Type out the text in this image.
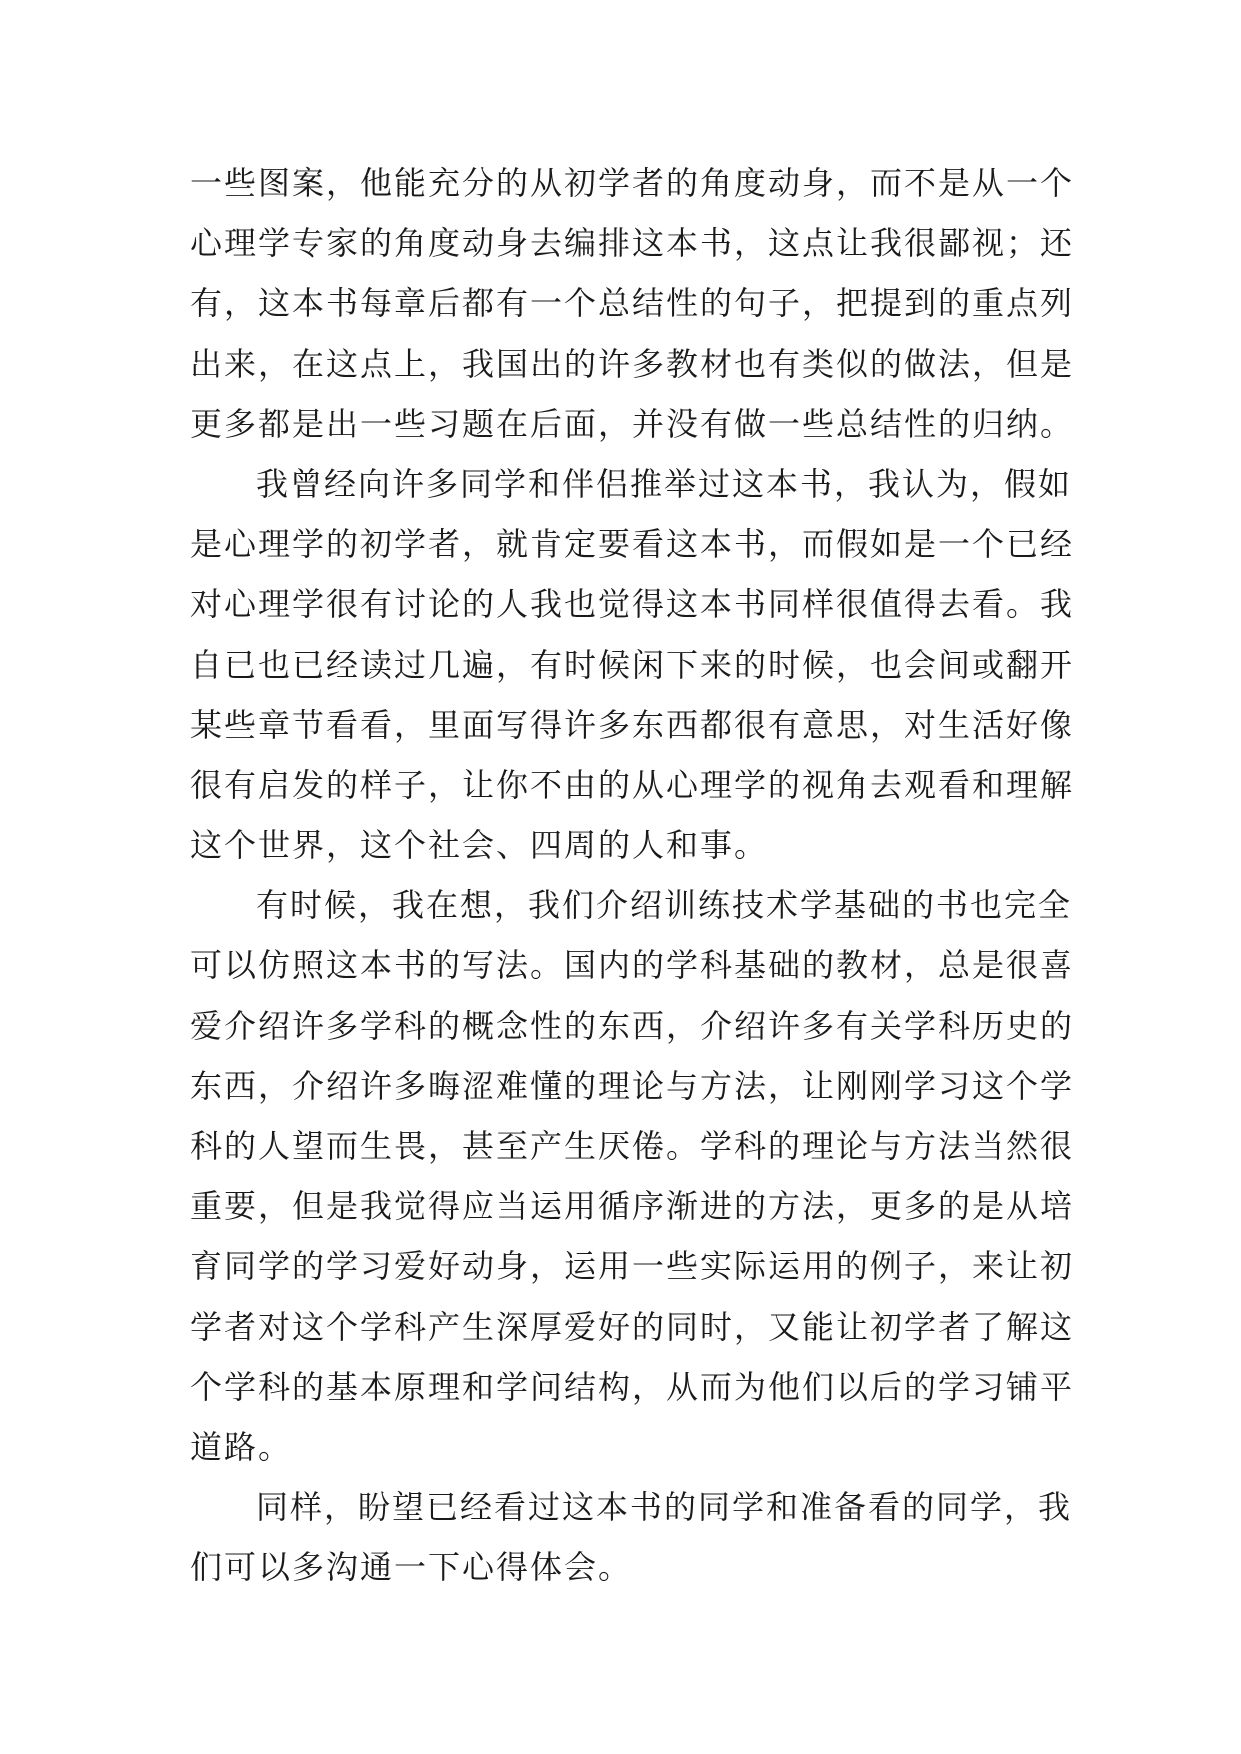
一些图案，他能充分的从初学者的角度动身，而不是从一个
心理学专家的角度动身去编排这本书，这点让我很鄙视；还
有，这本书每章后都有一个总结性的句子，把提到的重点列
出来，在这点上，我国出的许多教材也有类似的做法，但是
更多都是出一些习题在后面，并没有做一些总结性的归纳。
我曾经向许多同学和伴侣推举过这本书，我认为，假如
是心理学的初学者，就肯定要看这本书，而假如是一个已经
对心理学很有讨论的人我也觉得这本书同样很值得去看。我
自已也已经读过几遍，有时候闲下来的时候，也会间或翻开
某些章节看看，里面写得许多东西都很有意思，对生活好像
很有启发的样子，让你不由的从心理学的视角去观看和理解
这个世界，这个社会、四周的人和事。
有时候，我在想，我们介绍训练技术学基础的书也完全
可以仿照这本书的写法。国内的学科基础的教材，总是很喜
爱介绍许多学科的概念性的东西，介绍许多有关学科历史的
东西，介绍许多晦涩难懂的理论与方法，让刚刚学习这个学
科的人望而生畏，甚至产生厌倦。学科的理论与方法当然很
重要，但是我觉得应当运用循序渐进的方法，更多的是从培
育同学的学习爱好动身，运用一些实际运用的例子，来让初
学者对这个学科产生深厚爱好的同时，又能让初学者了解这
个学科的基本原理和学问结构，从而为他们以后的学习铺平
道路。
同样，盼望已经看过这本书的同学和准备看的同学，我
们可以多沟通一下心得体会。
